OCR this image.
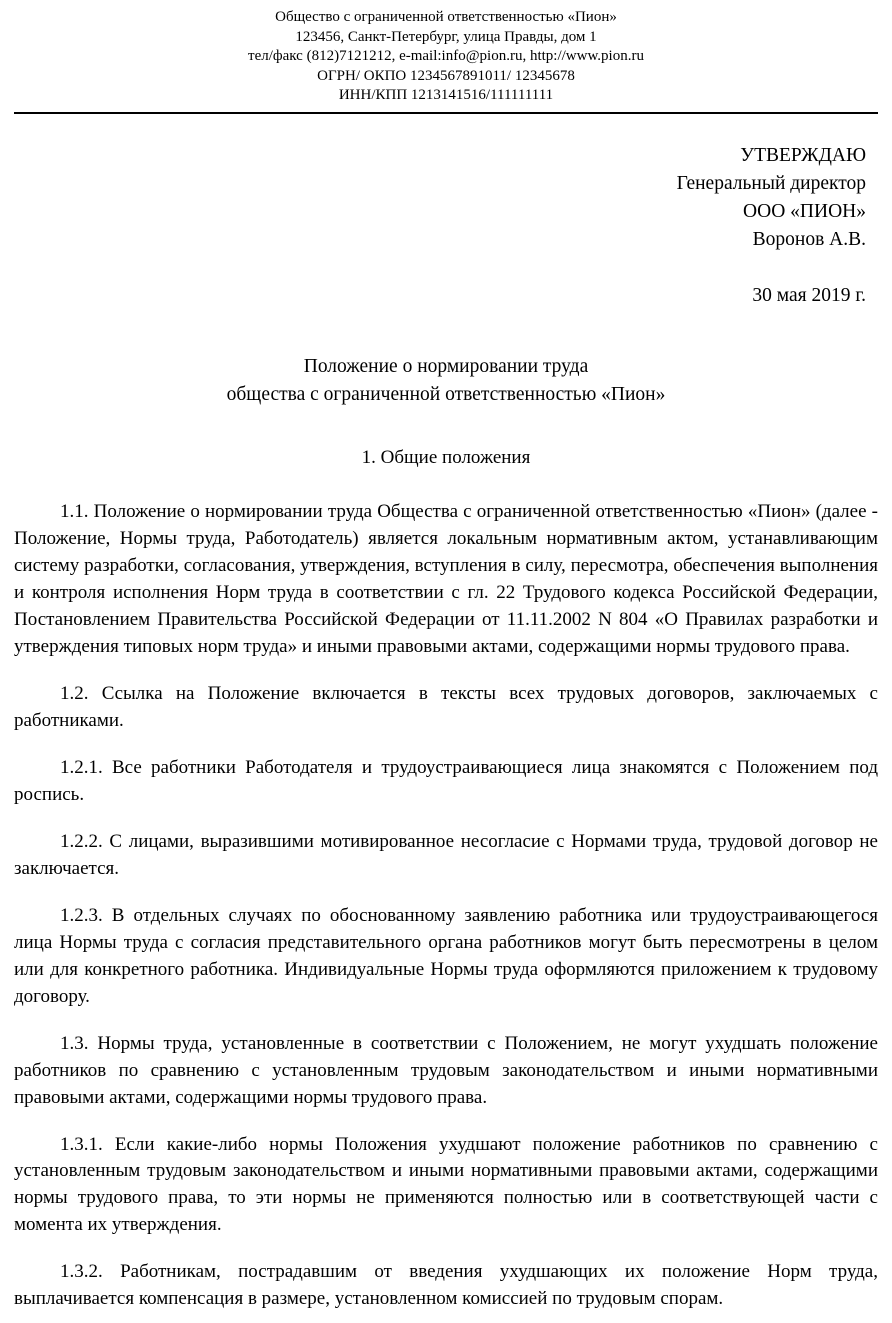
Общество с ограниченной ответственностью «Пион»
123456, Санкт-Петербург, улица Правды, дом 1
тел/факс (812)7121212, e-mail:info@pion.ru, http://www.pion.ru
ОГРН/ ОКПО 1234567891011/ 12345678
ИНН/КПП 1213141516/111111111
УТВЕРЖДАЮ
Генеральный директор
ООО «ПИОН»
Воронов А.В.
30 мая 2019 г.
Положение о нормировании труда
общества с ограниченной ответственностью «Пион»
1. Общие положения

1.1. Положение о нормировании труда Общества с ограниченной ответственностью «Пион» (далее - Положение, Нормы труда, Работодатель) является локальным нормативным актом, устанавливающим систему разработки, согласования, утверждения, вступления в силу, пересмотра, обеспечения выполнения и контроля исполнения Норм труда в соответствии с гл. 22 Трудового кодекса Российской Федерации, Постановлением Правительства Российской Федерации от 11.11.2002 N 804 «О Правилах разработки и утверждения типовых норм труда» и иными правовыми актами, содержащими нормы трудового права.

1.2. Ссылка на Положение включается в тексты всех трудовых договоров, заключаемых с работниками.

1.2.1. Все работники Работодателя и трудоустраивающиеся лица знакомятся с Положением под роспись.

1.2.2. С лицами, выразившими мотивированное несогласие с Нормами труда, трудовой договор не заключается.

1.2.3. В отдельных случаях по обоснованному заявлению работника или трудоустраивающегося лица Нормы труда с согласия представительного органа работников могут быть пересмотрены в целом или для конкретного работника. Индивидуальные Нормы труда оформляются приложением к трудовому договору.

1.3. Нормы труда, установленные в соответствии с Положением, не могут ухудшать положение работников по сравнению с установленным трудовым законодательством и иными нормативными правовыми актами, содержащими нормы трудового права.

1.3.1. Если какие-либо нормы Положения ухудшают положение работников по сравнению с установленным трудовым законодательством и иными нормативными правовыми актами, содержащими нормы трудового права, то эти нормы не применяются полностью или в соответствующей части с момента их утверждения.

1.3.2. Работникам, пострадавшим от введения ухудшающих их положение Норм труда, выплачивается компенсация в размере, установленном комиссией по трудовым спорам.
